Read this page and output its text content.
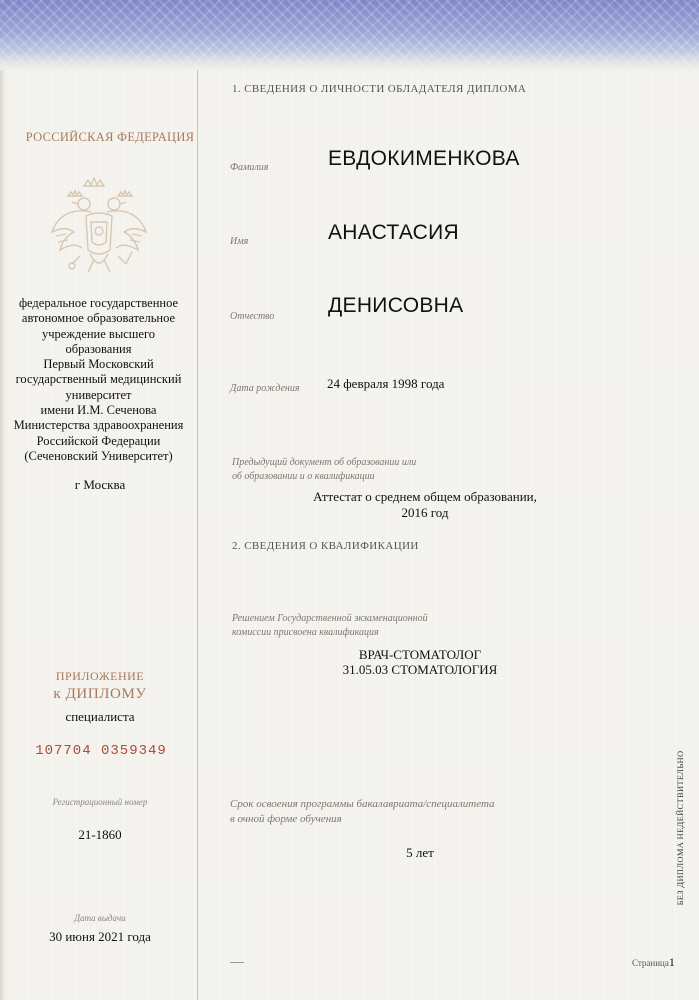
РОССИЙСКАЯ ФЕДЕРАЦИЯ
федеральное государственное
автономное образовательное
учреждение высшего
образования
Первый Московский
государственный медицинский
университет
имени И.М. Сеченова
Министерства здравоохранения
Российской Федерации
(Сеченовский Университет)
г Москва
ПРИЛОЖЕНИЕ
к ДИПЛОМУ
специалиста
107704 0359349
Регистрационный номер
21-1860
Дата выдачи
30 июня 2021 года
1. СВЕДЕНИЯ О ЛИЧНОСТИ ОБЛАДАТЕЛЯ ДИПЛОМА
Фамилия	ЕВДОКИМЕНКОВА
Имя	АНАСТАСИЯ
Отчество	ДЕНИСОВНА
Дата рождения 24 февраля 1998 года
Предыдущий документ об образовании или
об образовании и о квалификации
Аттестат о среднем общем образовании,
2016 год
2. СВЕДЕНИЯ О КВАЛИФИКАЦИИ
Решением Государственной экзаменационной
комиссии присвоена квалификация
ВРАЧ-СТОМАТОЛОГ
31.05.03 СТОМАТОЛОГИЯ
Срок освоения программы бакалавриата/специалитета
в очной форме обучения
5 лет	БЕЗ ДИПЛОМА НЕДЕЙСТВИТЕЛЬНО
Страница1
